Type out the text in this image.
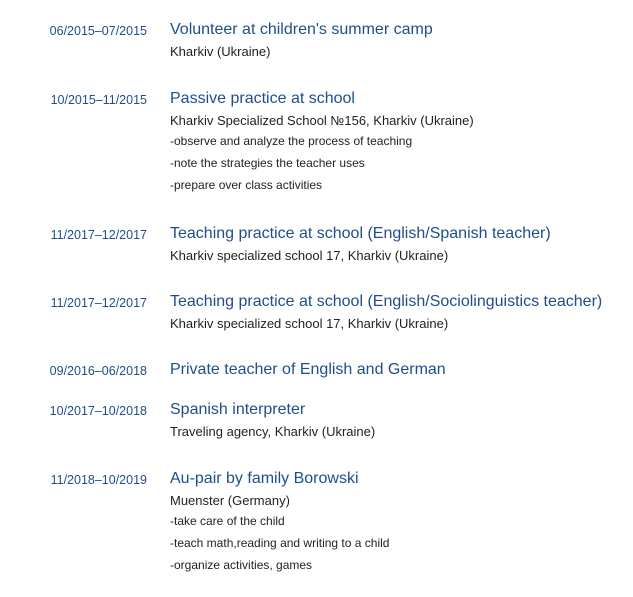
06/2015–07/2015 Volunteer at children's summer camp
Kharkiv (Ukraine)
10/2015–11/2015 Passive practice at school
Kharkiv Specialized School №156, Kharkiv (Ukraine)
-observe and analyze the process of teaching
-note the strategies the teacher uses
-prepare over class activities
11/2017–12/2017 Teaching practice at school (English/Spanish teacher)
Kharkiv specialized school 17, Kharkiv (Ukraine)
11/2017–12/2017 Teaching practice at school (English/Sociolinguistics teacher)
Kharkiv specialized school 17, Kharkiv (Ukraine)
09/2016–06/2018 Private teacher of English and German
10/2017–10/2018 Spanish interpreter
Traveling agency, Kharkiv (Ukraine)
11/2018–10/2019 Au-pair by family Borowski
Muenster (Germany)
-take care of the child
-teach math,reading and writing to a child
-organize activities, games
